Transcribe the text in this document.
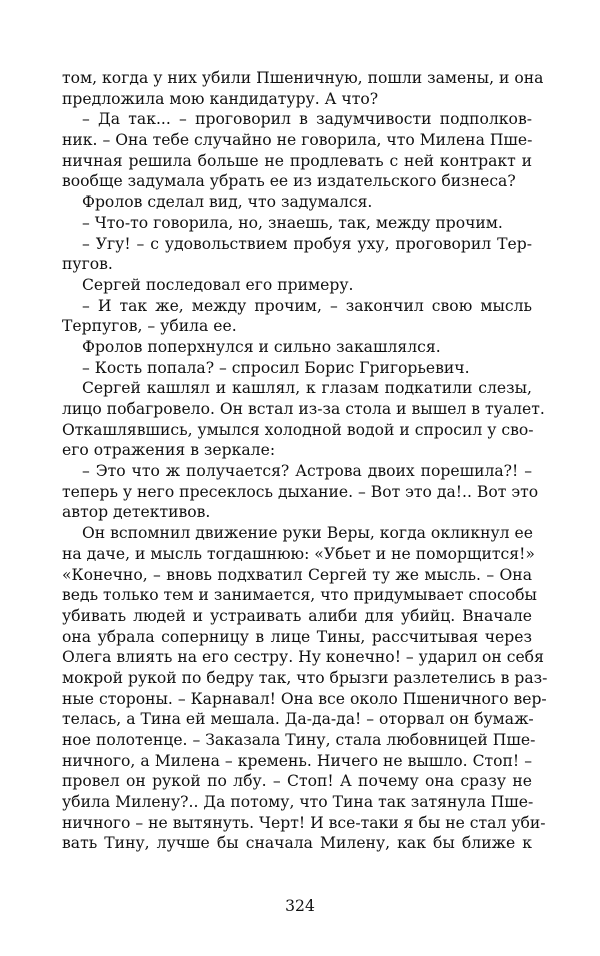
том, когда у них убили Пшеничную, пошли замены, и она
предложила мою кандидатуру. А что?
– Да так... – проговорил в задумчивости подполков-
ник. – Она тебе случайно не говорила, что Милена Пше-
ничная решила больше не продлевать с ней контракт и
вообще задумала убрать ее из издательского бизнеса?
Фролов сделал вид, что задумался.
– Что-то говорила, но, знаешь, так, между прочим.
– Угу! – с удовольствием пробуя уху, проговорил Тер-
пугов.
Сергей последовал его примеру.
– И так же, между прочим, – закончил свою мысль
Терпугов, – убила ее.
Фролов поперхнулся и сильно закашлялся.
– Кость попала? – спросил Борис Григорьевич.
Сергей кашлял и кашлял, к глазам подкатили слезы,
лицо побагровело. Он встал из-за стола и вышел в туалет.
Откашлявшись, умылся холодной водой и спросил у сво-
его отражения в зеркале:
– Это что ж получается? Астрова двоих порешила?! –
теперь у него пресеклось дыхание. – Вот это да!.. Вот это
автор детективов.
Он вспомнил движение руки Веры, когда окликнул ее
на даче, и мысль тогдашнюю: «Убьет и не поморщится!»
«Конечно, – вновь подхватил Сергей ту же мысль. – Она
ведь только тем и занимается, что придумывает способы
убивать людей и устраивать алиби для убийц. Вначале
она убрала соперницу в лице Тины, рассчитывая через
Олега влиять на его сестру. Ну конечно! – ударил он себя
мокрой рукой по бедру так, что брызги разлетелись в раз-
ные стороны. – Карнавал! Она все около Пшеничного вер-
телась, а Тина ей мешала. Да-да-да! – оторвал он бумаж-
ное полотенце. – Заказала Тину, стала любовницей Пше-
ничного, а Милена – кремень. Ничего не вышло. Стоп! –
провел он рукой по лбу. – Стоп! А почему она сразу не
убила Милену?.. Да потому, что Тина так затянула Пше-
ничного – не вытянуть. Черт! И все-таки я бы не стал уби-
вать Тину, лучше бы сначала Милену, как бы ближе к
324
